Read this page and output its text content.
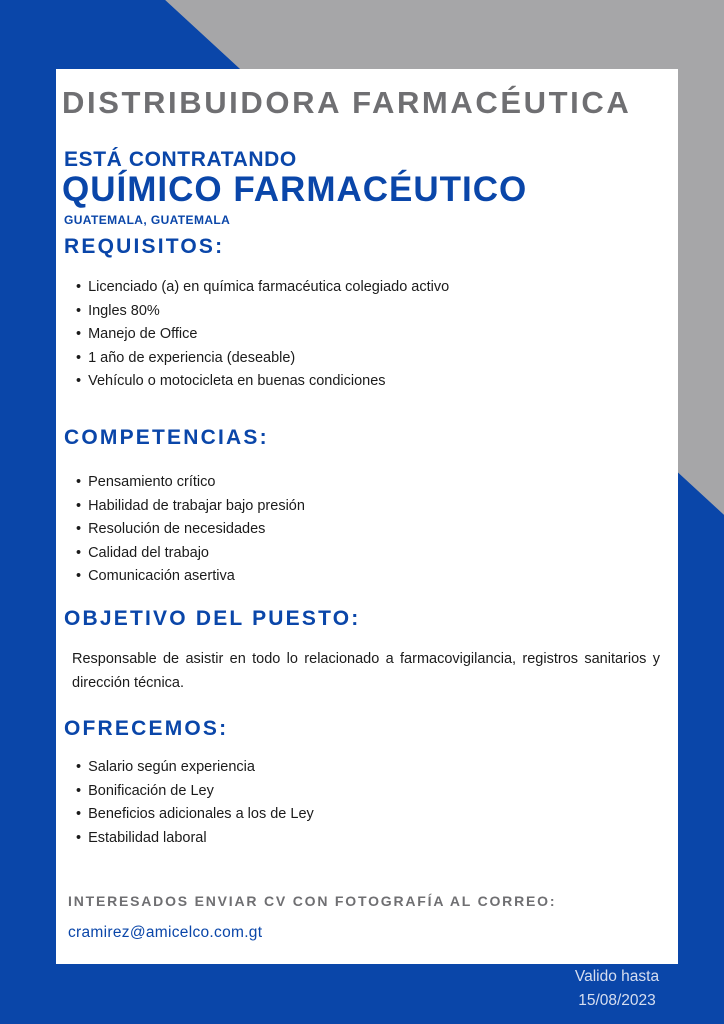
DISTRIBUIDORA FARMACÉUTICA
ESTÁ CONTRATANDO
QUÍMICO FARMACÉUTICO

GUATEMALA, GUATEMALA

REQUISITOS:
• Licenciado (a) en química farmacéutica colegiado activo
• Ingles 80%
• Manejo de Office
• 1 año de experiencia (deseable)
• Vehículo o motocicleta en buenas condiciones
COMPETENCIAS:
• Pensamiento crítico
• Habilidad de trabajar bajo presión
• Resolución de necesidades
• Calidad del trabajo
• Comunicación asertiva
OBJETIVO DEL PUESTO:

Responsable de asistir en todo lo relacionado a farmacovigilancia, registros sanitarios y dirección técnica.

OFRECEMOS:
• Salario según experiencia
• Bonificación de Ley
• Beneficios adicionales a los de Ley
• Estabilidad laboral

INTERESADOS ENVIAR CV CON FOTOGRAFÍA AL CORREO:

cramirez@amicelco.com.gt

Valido hasta
15/08/2023
